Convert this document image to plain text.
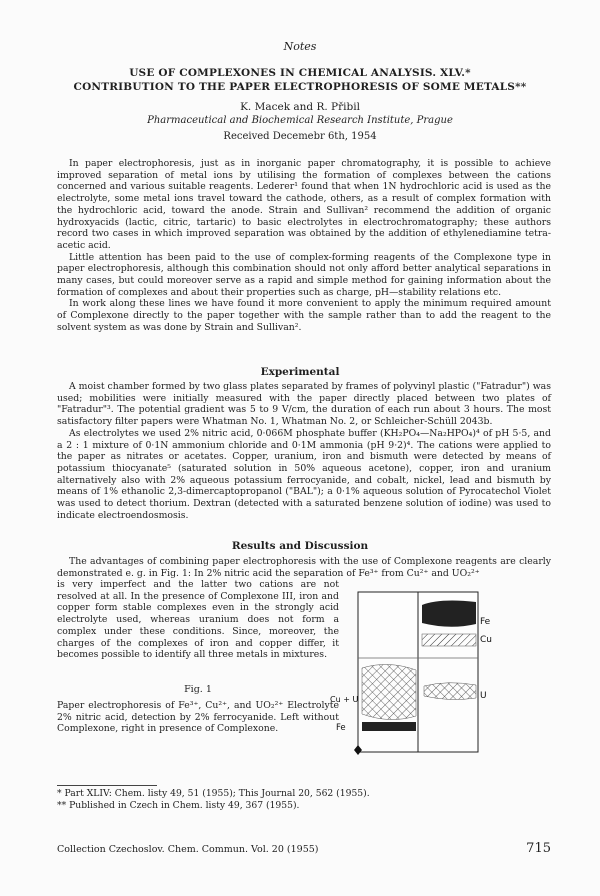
Notes
USE OF COMPLEXONES IN CHEMICAL ANALYSIS. XLV.*
CONTRIBUTION TO THE PAPER ELECTROPHORESIS OF SOME METALS**
K. Macek and R. Přibil
Pharmaceutical and Biochemical Research Institute, Prague
Received Decemebr 6th, 1954

In paper electrophoresis, just as in inorganic paper chromatography, it is possible to achieve improved separation of metal ions by utilising the formation of complexes between the cations concerned and various suitable reagents. Lederer¹ found that when 1N hydrochloric acid is used as the electrolyte, some metal ions travel toward the cathode, others, as a result of complex formation with the hydrochloric acid, toward the anode. Strain and Sullivan² recommend the addition of organic hydroxyacids (lactic, citric, tartaric) to basic electrolytes in electrochromatography; these authors record two cases in which improved separation was obtained by the addition of ethylenediamine tetra-acetic acid.

Little attention has been paid to the use of complex-forming reagents of the Complexone type in paper electrophoresis, although this combination should not only afford better analytical separations in many cases, but could moreover serve as a rapid and simple method for gaining information about the formation of complexes and about their properties such as charge, pH—stability relations etc.

In work along these lines we have found it more convenient to apply the minimum required amount of Complexone directly to the paper together with the sample rather than to add the reagent to the solvent system as was done by Strain and Sullivan².

Experimental

A moist chamber formed by two glass plates separated by frames of polyvinyl plastic ("Fatradur") was used; mobilities were initially measured with the paper directly placed between two plates of "Fatradur"³. The potential gradient was 5 to 9 V/cm, the duration of each run about 3 hours. The most satisfactory filter papers were Whatman No. 1, Whatman No. 2, or Schleicher-Schüll 2043b.

As electrolytes we used 2% nitric acid, 0·066M phosphate buffer (KH₂PO₄—Na₂HPO₄)⁴ of pH 5·5, and a 2 : 1 mixture of 0·1N ammonium chloride and 0·1M ammonia (pH 9·2)⁴. The cations were applied to the paper as nitrates or acetates. Copper, uranium, iron and bismuth were detected by means of potassium thiocyanate⁵ (saturated solution in 50% aqueous acetone), copper, iron and uranium alternatively also with 2% aqueous potassium ferrocyanide, and cobalt, nickel, lead and bismuth by means of 1% ethanolic 2,3-dimercaptopropanol ("BAL"); a 0·1% aqueous solution of Pyrocatechol Violet was used to detect thorium. Dextran (detected with a saturated benzene solution of iodine) was used to indicate electroendosmosis.

Results and Discussion

The advantages of combining paper electrophoresis with the use of Complexone reagents are clearly demonstrated e. g. in Fig. 1: In 2% nitric acid the separation of Fe³⁺ from Cu²⁺ and UO₂²⁺

is very imperfect and the latter two cations are not resolved at all. In the presence of Complexone III, iron and copper form stable complexes even in the strongly acid electrolyte used, whereas uranium does not form a complex under these conditions. Since, moreover, the charges of the complexes of iron and copper differ, it becomes possible to identify all three metals in mixtures.

Fig. 1
Paper electrophoresis of Fe³⁺, Cu²⁺, and UO₂²⁺ Electrolyte 2% nitric acid, detection by 2% ferrocyanide. Left without Complexone, right in presence of Complexone.
Fe
Cu
U
Cu + U
Fe

* Part XLIV: Chem. listy 49, 51 (1955); This Journal 20, 562 (1955).

** Published in Czech in Chem. listy 49, 367 (1955).

Collection Czechoslov. Chem. Commun. Vol. 20 (1955)	715
